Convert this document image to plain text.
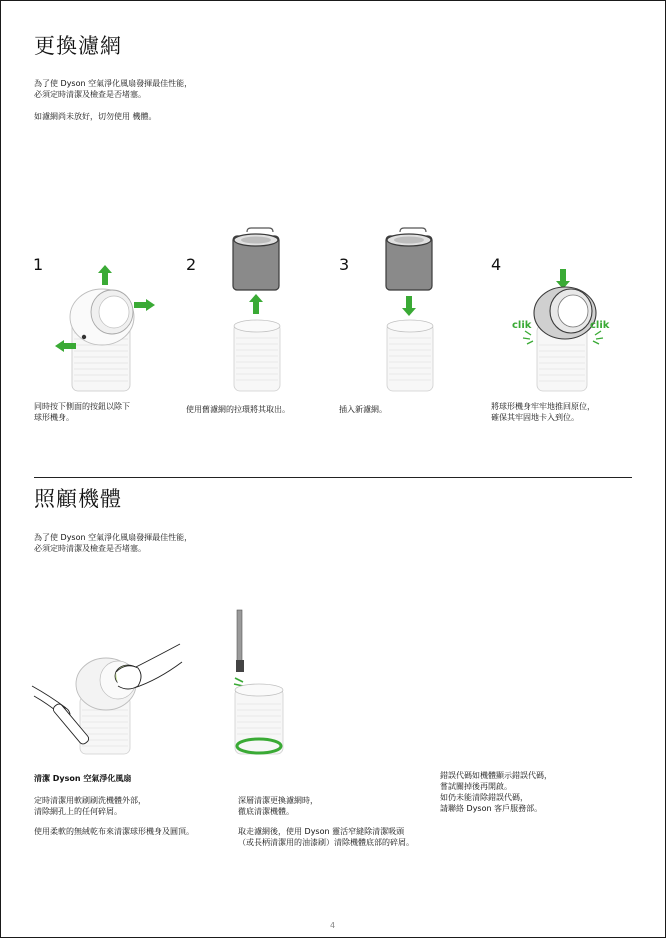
更換濾網

為了使 Dyson 空氣淨化風扇發揮最佳性能，

必須定時清潔及檢查是否堵塞。

如濾網尚未放好，切勿使用 機體。

1	2	3	4
clik	clik

同時按下側面的按鈕以除下

球形機身。

使用舊濾網的拉環將其取出。	插入新濾網。	將球形機身牢牢地推回原位，

確保其牢固地卡入到位。

照顧機體

為了使 Dyson 空氣淨化風扇發揮最佳性能，

必須定時清潔及檢查是否堵塞。

清潔 Dyson 空氣淨化風扇

定時清潔用軟刷刷洗機體外部，

清除網孔上的任何碎屑。

使用柔軟的無絨乾布來清潔球形機身及圓頂。

深層清潔更換濾網時，

徹底清潔機體。

取走濾網後，使用 Dyson 靈活窄縫除清潔吸頭

（或長柄清潔用的油漆刷）清除機體底部的碎屑。

錯誤代碼如機體顯示錯誤代碼，

嘗試關掉後再開啟。

如仍未能清除錯誤代碼，

請聯絡 Dyson 客戶服務部。

4
